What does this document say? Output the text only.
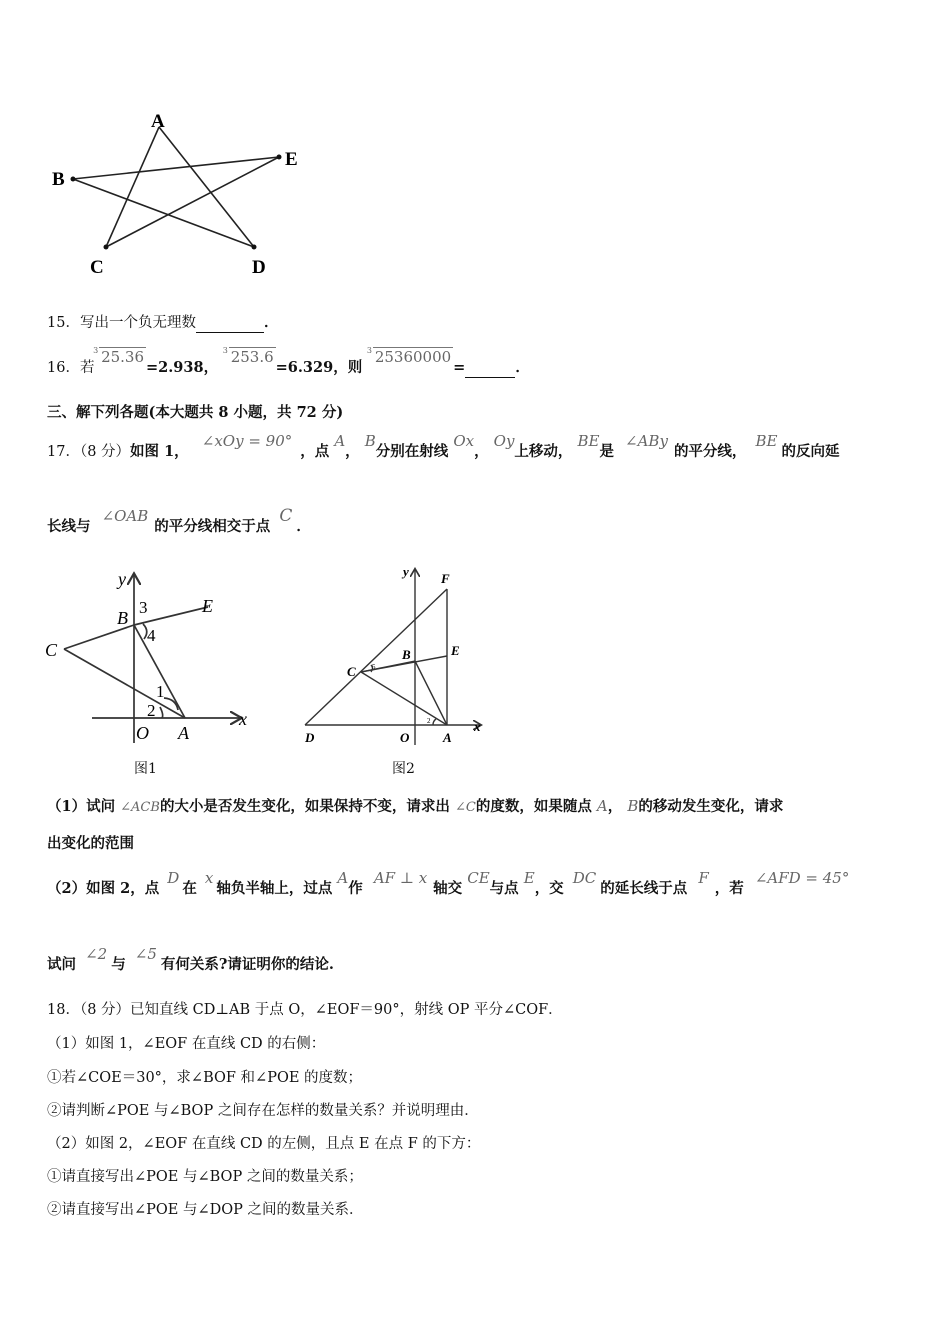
A
B
E
C	D
15．写出一个负无理数	．
16．若
3 25.36=2.938，
3 253.6=6.329，则
3 25360000=	．
三、解下列各题(本大题共 8 小题，共 72 分)
17．（8 分）如图 1， ∠xOy = 90°，点 A， B分别在射线 Ox， Oy上移动， BE是 ∠ABy的平分线， BE的反向延
长线与 ∠OAB的平分线相交于点 C．
y
B
3	E
4
C
1
2
O A
x
图1
y F
B	E
C 5
2
D	O	A
x
图2
（1）试问 ∠ACB的大小是否发生变化，如果保持不变，请求出 ∠C的度数，如果随点 A， B的移动发生变化，请求
出变化的范围
（2）如图 2，点 D在 x轴负半轴上，过点 A作 AF ⊥ x轴交 CE与点 E，交 DC的延长线于点 F，若 ∠AFD = 45°
试问 ∠2与 ∠5有何关系?请证明你的结论.
18．（8 分）已知直线 CD⊥AB 于点 O，∠EOF＝90°，射线 OP 平分∠COF．
（1）如图 1，∠EOF 在直线 CD 的右侧：
①若∠COE＝30°，求∠BOF 和∠POE 的度数；
②请判断∠POE 与∠BOP 之间存在怎样的数量关系？并说明理由．
（2）如图 2，∠EOF 在直线 CD 的左侧，且点 E 在点 F 的下方：
①请直接写出∠POE 与∠BOP 之间的数量关系；
②请直接写出∠POE 与∠DOP 之间的数量关系．
